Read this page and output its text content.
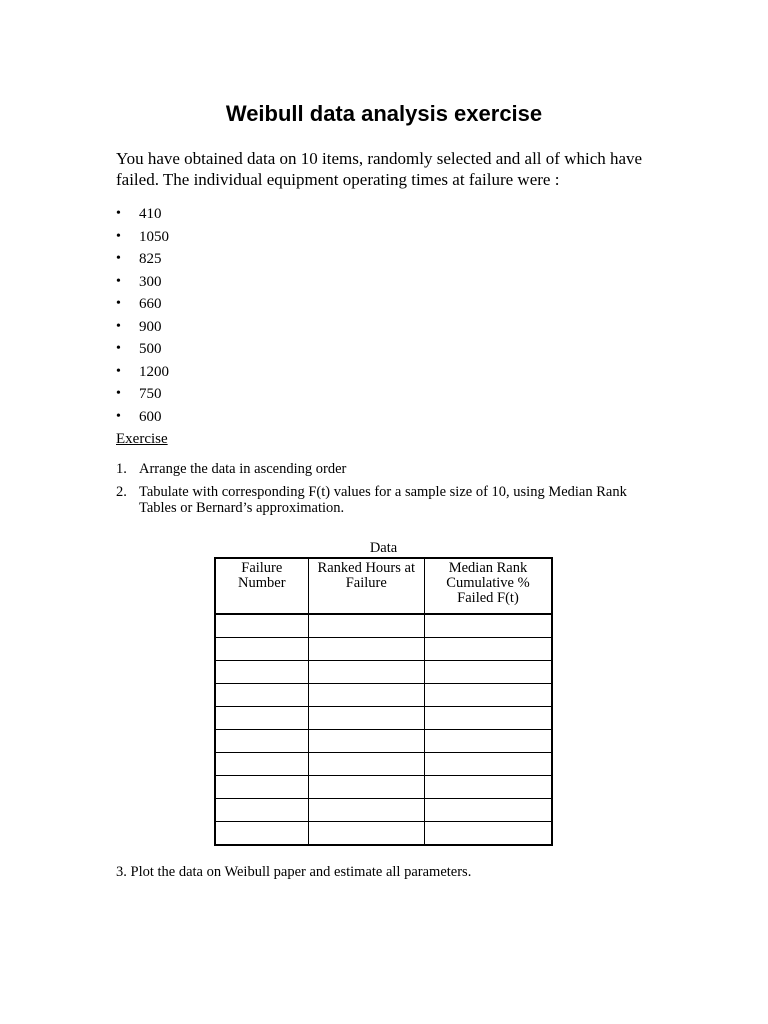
Weibull data analysis exercise

You have obtained data on 10 items, randomly selected and all of which have failed. The individual equipment operating times at failure were :

• 410
• 1050
• 825
• 300
• 660
• 900
• 500
• 1200
• 750
• 600

Exercise

1. Arrange the data in ascending order
2. Tabulate with corresponding F(t) values for a sample size of 10, using Median Rank Tables or Bernard’s approximation.
Data
Failure Number	Ranked Hours at Failure	Median Rank Cumulative % Failed F(t)

3. Plot the data on Weibull paper and estimate all parameters.
